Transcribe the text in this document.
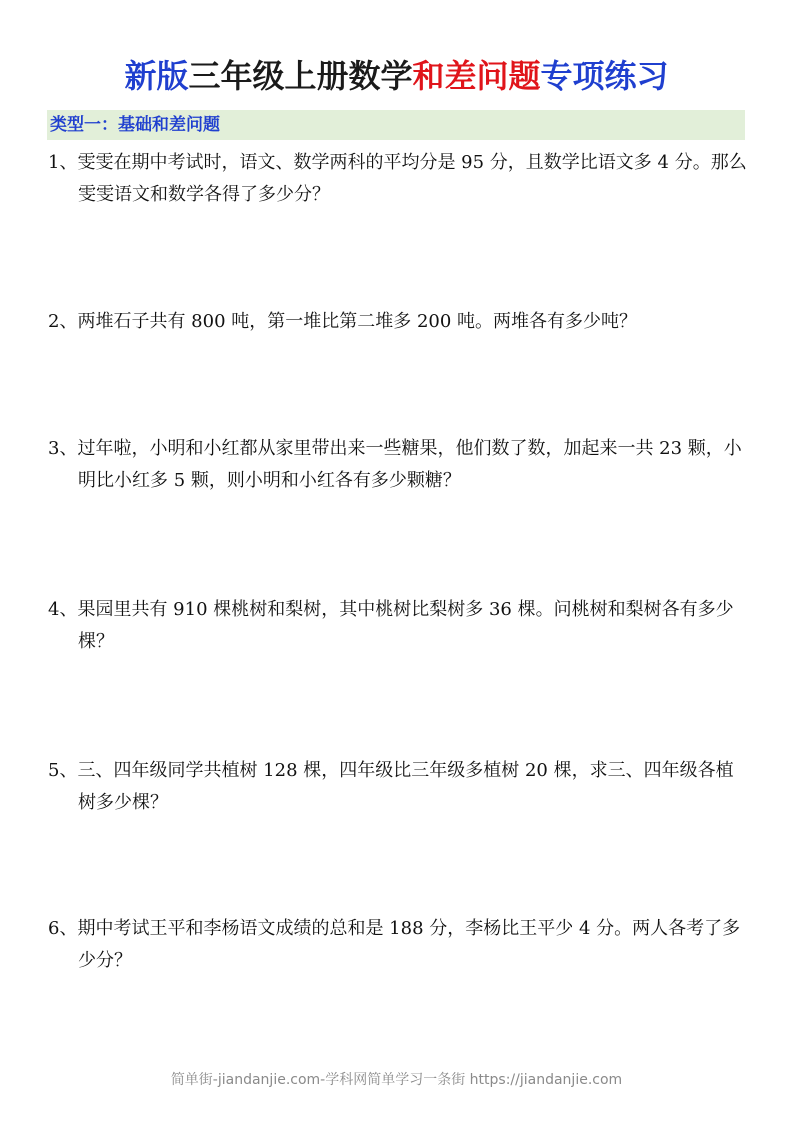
新版三年级上册数学和差问题专项练习
类型一：基础和差问题
1、雯雯在期中考试时，语文、数学两科的平均分是 95 分，且数学比语文多 4 分。那么雯雯语文和数学各得了多少分？
2、两堆石子共有 800 吨，第一堆比第二堆多 200 吨。两堆各有多少吨？
3、过年啦，小明和小红都从家里带出来一些糖果，他们数了数，加起来一共 23 颗，小明比小红多 5 颗，则小明和小红各有多少颗糖？
4、果园里共有 910 棵桃树和梨树，其中桃树比梨树多 36 棵。问桃树和梨树各有多少棵？
5、三、四年级同学共植树 128 棵，四年级比三年级多植树 20 棵，求三、四年级各植树多少棵？
6、期中考试王平和李杨语文成绩的总和是 188 分，李杨比王平少 4 分。两人各考了多少分？
简单街-jiandanjie.com-学科网简单学习一条街 https://jiandanjie.com
